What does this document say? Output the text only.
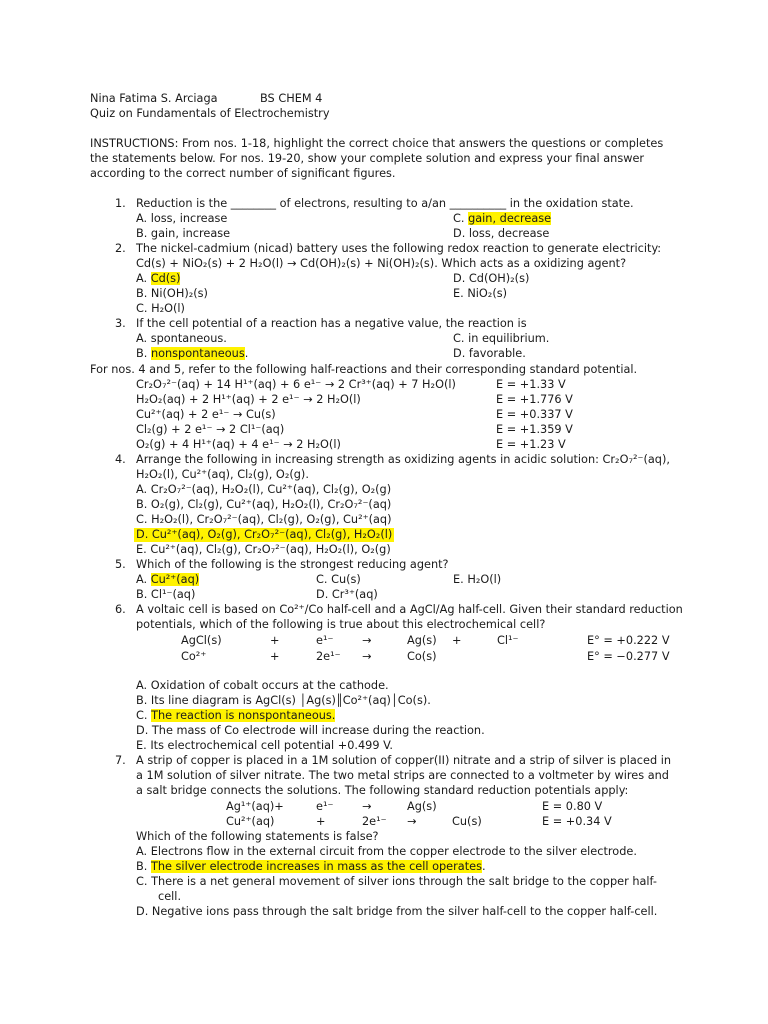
Nina Fatima S. Arciaga	BS CHEM 4
Quiz on Fundamentals of Electrochemistry
INSTRUCTIONS: From nos. 1-18, highlight the correct choice that answers the questions or completes
the statements below. For nos. 19-20, show your complete solution and express your final answer
according to the correct number of significant figures.
1. Reduction is the ________ of electrons, resulting to a/an __________ in the oxidation state.
A. loss, increase	C. gain, decrease
B. gain, increase	D. loss, decrease
2. The nickel-cadmium (nicad) battery uses the following redox reaction to generate electricity:
Cd(s) + NiO₂(s) + 2 H₂O(l) → Cd(OH)₂(s) + Ni(OH)₂(s). Which acts as a oxidizing agent?
A. Cd(s)	D. Cd(OH)₂(s)
B. Ni(OH)₂(s)	E. NiO₂(s)
C. H₂O(l)
3. If the cell potential of a reaction has a negative value, the reaction is
A. spontaneous.	C. in equilibrium.
B. nonspontaneous.	D. favorable.
For nos. 4 and 5, refer to the following half-reactions and their corresponding standard potential.
Cr₂O₇²⁻(aq) + 14 H¹⁺(aq) + 6 e¹⁻ → 2 Cr³⁺(aq) + 7 H₂O(l)	E = +1.33 V
H₂O₂(aq) + 2 H¹⁺(aq) + 2 e¹⁻ → 2 H₂O(l)	E = +1.776 V
Cu²⁺(aq) + 2 e¹⁻ → Cu(s)	E = +0.337 V
Cl₂(g) + 2 e¹⁻ → 2 Cl¹⁻(aq)	E = +1.359 V
O₂(g) + 4 H¹⁺(aq) + 4 e¹⁻ → 2 H₂O(l)	E = +1.23 V
4. Arrange the following in increasing strength as oxidizing agents in acidic solution: Cr₂O₇²⁻(aq),
H₂O₂(l), Cu²⁺(aq), Cl₂(g), O₂(g).
A. Cr₂O₇²⁻(aq), H₂O₂(l), Cu²⁺(aq), Cl₂(g), O₂(g)
B. O₂(g), Cl₂(g), Cu²⁺(aq), H₂O₂(l), Cr₂O₇²⁻(aq)
C. H₂O₂(l), Cr₂O₇²⁻(aq), Cl₂(g), O₂(g), Cu²⁺(aq)
D. Cu²⁺(aq), O₂(g), Cr₂O₇²⁻(aq), Cl₂(g), H₂O₂(l)
E. Cu²⁺(aq), Cl₂(g), Cr₂O₇²⁻(aq), H₂O₂(l), O₂(g)
5. Which of the following is the strongest reducing agent?
A. Cu²⁺(aq)	C. Cu(s)	E. H₂O(l)
B. Cl¹⁻(aq)	D. Cr³⁺(aq)
6. A voltaic cell is based on Co²⁺/Co half-cell and a AgCl/Ag half-cell. Given their standard reduction
potentials, which of the following is true about this electrochemical cell?
AgCl(s)	+	e¹⁻	→	Ag(s) +	Cl¹⁻	E° = +0.222 V
Co²⁺	+	2e¹⁻ →	Co(s)	E° = −0.277 V
A. Oxidation of cobalt occurs at the cathode.
B. Its line diagram is AgCl(s) │Ag(s)║Co²⁺(aq)│Co(s).
C. The reaction is nonspontaneous.
D. The mass of Co electrode will increase during the reaction.
E. Its electrochemical cell potential +0.499 V.
7. A strip of copper is placed in a 1M solution of copper(II) nitrate and a strip of silver is placed in
a 1M solution of silver nitrate. The two metal strips are connected to a voltmeter by wires and
a salt bridge connects the solutions. The following standard reduction potentials apply:
Ag¹⁺(aq)+	e¹⁻	→	Ag(s)	E = 0.80 V
Cu²⁺(aq)	+	2e¹⁻ →	Cu(s)	E = +0.34 V
Which of the following statements is false?
A. Electrons flow in the external circuit from the copper electrode to the silver electrode.
B. The silver electrode increases in mass as the cell operates.
C. There is a net general movement of silver ions through the salt bridge to the copper half-
cell.
D. Negative ions pass through the salt bridge from the silver half-cell to the copper half-cell.
